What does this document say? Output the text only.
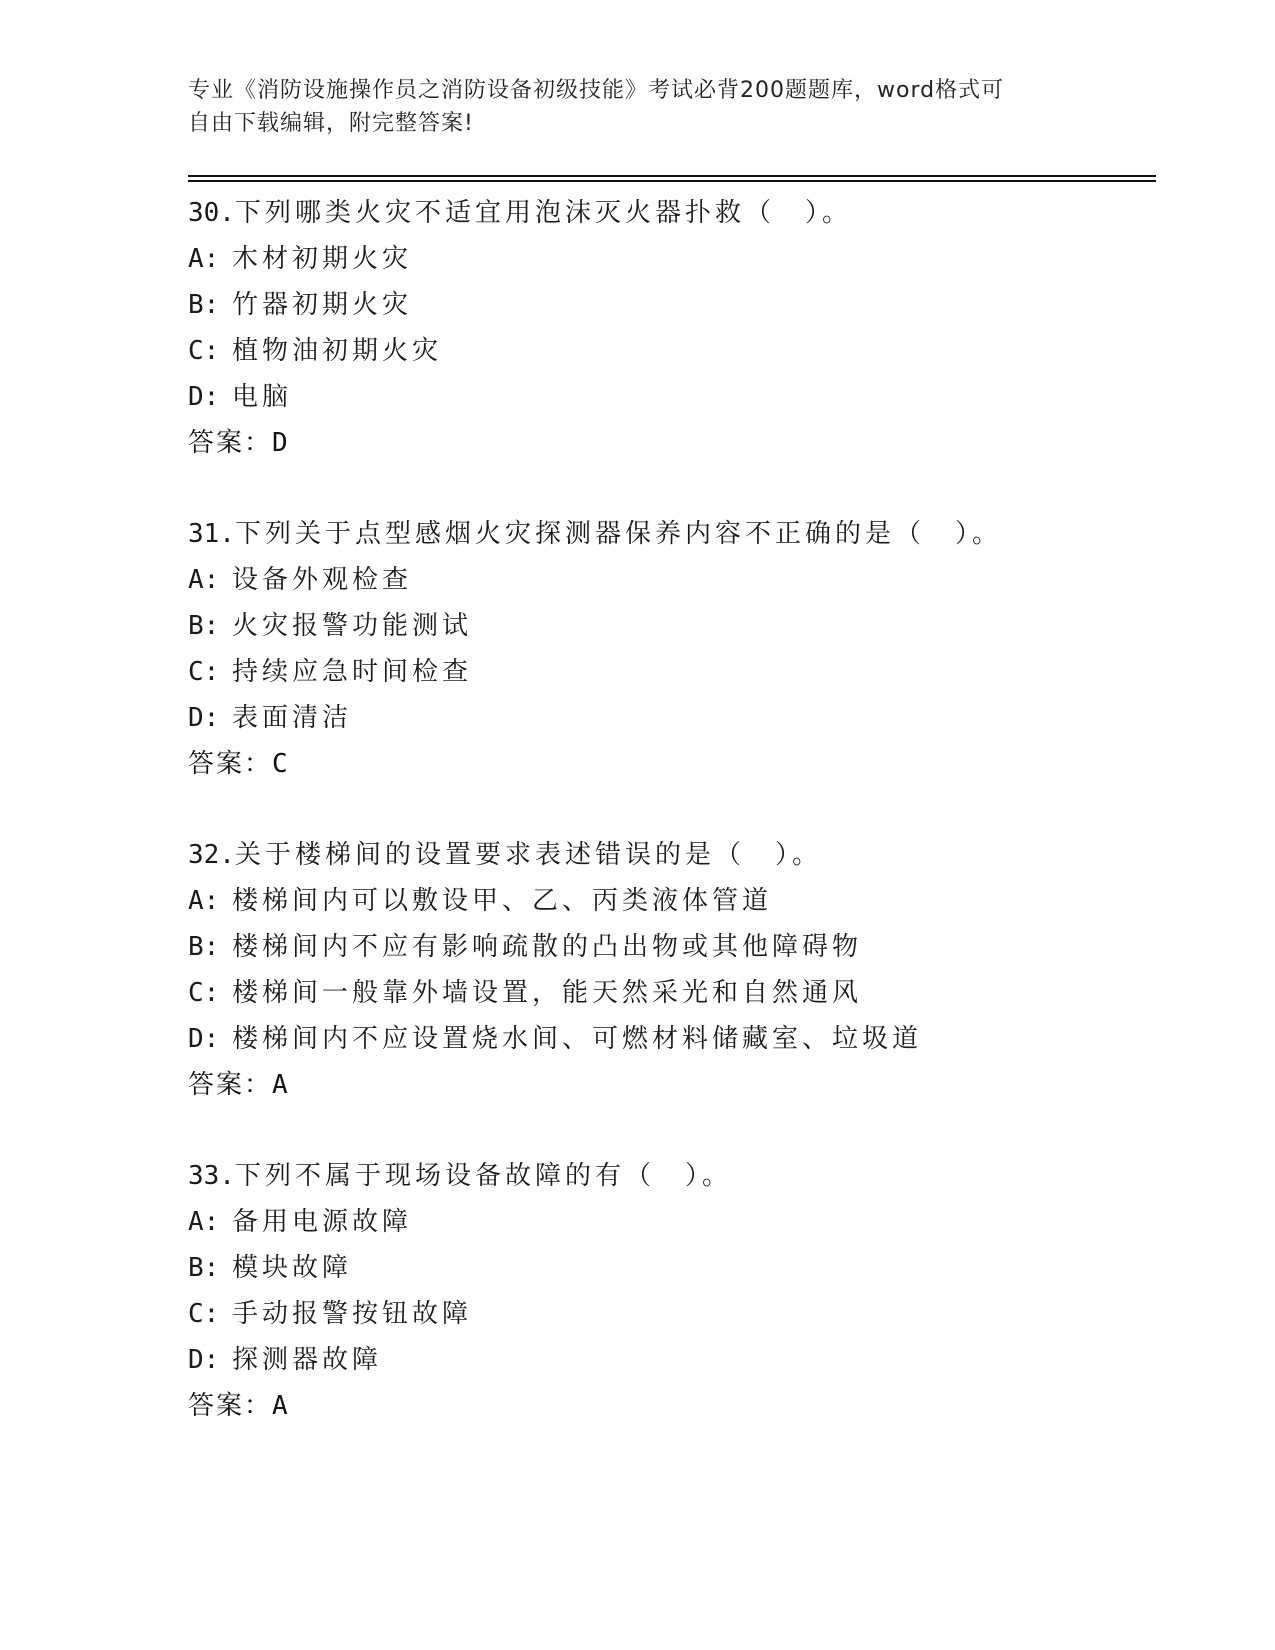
专业《消防设施操作员之消防设备初级技能》考试必背200题题库，word格式可
自由下载编辑，附完整答案!
30.下列哪类火灾不适宜用泡沫灭火器扑救（　）。
A: 木材初期火灾
B: 竹器初期火灾
C: 植物油初期火灾
D: 电脑
答案：D
31.下列关于点型感烟火灾探测器保养内容不正确的是（　）。
A: 设备外观检查
B: 火灾报警功能测试
C: 持续应急时间检查
D: 表面清洁
答案：C
32.关于楼梯间的设置要求表述错误的是（　）。
A: 楼梯间内可以敷设甲、乙、丙类液体管道
B: 楼梯间内不应有影响疏散的凸出物或其他障碍物
C: 楼梯间一般靠外墙设置，能天然采光和自然通风
D: 楼梯间内不应设置烧水间、可燃材料储藏室、垃圾道
答案：A
33.下列不属于现场设备故障的有（　）。
A: 备用电源故障
B: 模块故障
C: 手动报警按钮故障
D: 探测器故障
答案：A
